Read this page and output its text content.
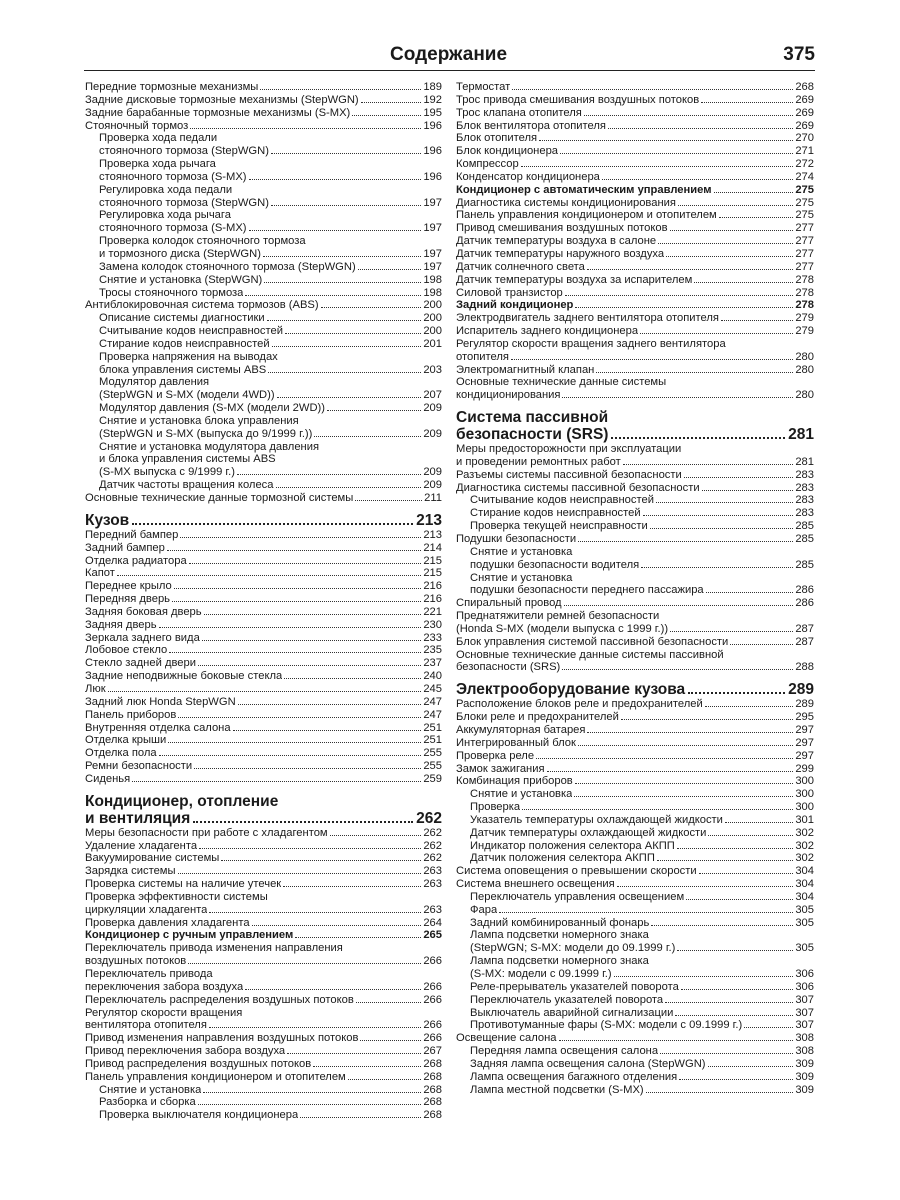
Содержание	375
Передние тормозные механизмы	189
Задние дисковые тормозные механизмы (StepWGN)	192
Задние барабанные тормозные механизмы (S-MX)	195
Стояночный тормоз	196
Проверка хода педали
стояночного тормоза (StepWGN)	196
Проверка хода рычага
стояночного тормоза (S-MX)	196
Регулировка хода педали
стояночного тормоза (StepWGN)	197
Регулировка хода рычага
стояночного тормоза (S-MX)	197
Проверка колодок стояночного тормоза
и тормозного диска (StepWGN)	197
Замена колодок стояночного тормоза (StepWGN)	197
Снятие и установка (StepWGN)	198
Тросы стояночного тормоза	198
Антиблокировочная система тормозов (ABS)	200
Описание системы диагностики	200
Считывание кодов неисправностей	200
Стирание кодов неисправностей	201
Проверка напряжения на выводах
блока управления системы ABS	203
Модулятор давления
(StepWGN и S-MX (модели 4WD))	207
Модулятор давления (S-MX (модели 2WD))	209
Снятие и установка блока управления
(StepWGN и S-MX (выпуска до 9/1999 г.))	209
Снятие и установка модулятора давления
и блока управления системы ABS
(S-MX выпуска с 9/1999 г.)	209
Датчик частоты вращения колеса	209
Основные технические данные тормозной системы	211
Кузов	213
Передний бампер	213
Задний бампер	214
Отделка радиатора	215
Капот	215
Переднее крыло	216
Передняя дверь	216
Задняя боковая дверь	221
Задняя дверь	230
Зеркала заднего вида	233
Лобовое стекло	235
Стекло задней двери	237
Задние неподвижные боковые стекла	240
Люк	245
Задний люк Honda StepWGN	247
Панель приборов	247
Внутренняя отделка салона	251
Отделка крыши	251
Отделка пола	255
Ремни безопасности	255
Сиденья	259
Кондиционер, отопление
и вентиляция	262
Меры безопасности при работе с хладагентом	262
Удаление хладагента	262
Вакуумирование системы	262
Зарядка системы	263
Проверка системы на наличие утечек	263
Проверка эффективности системы
циркуляции хладагента	263
Проверка давления хладагента	264
Кондиционер с ручным управлением	265
Переключатель привода изменения направления
воздушных потоков	266
Переключатель привода
переключения забора воздуха	266
Переключатель распределения воздушных потоков	266
Регулятор скорости вращения
вентилятора отопителя	266
Привод изменения направления воздушных потоков	266
Привод переключения забора воздуха	267
Привод распределения воздушных потоков	268
Панель управления кондиционером и отопителем	268
Снятие и установка	268
Разборка и сборка	268
Проверка выключателя кондиционера	268
Термостат	268
Трос привода смешивания воздушных потоков	269
Трос клапана отопителя	269
Блок вентилятора отопителя	269
Блок отопителя	270
Блок кондиционера	271
Компрессор	272
Конденсатор кондиционера	274
Кондиционер с автоматическим управлением	275
Диагностика системы кондиционирования	275
Панель управления кондиционером и отопителем	275
Привод смешивания воздушных потоков	277
Датчик температуры воздуха в салоне	277
Датчик температуры наружного воздуха	277
Датчик солнечного света	277
Датчик температуры воздуха за испарителем	278
Силовой транзистор	278
Задний кондиционер	278
Электродвигатель заднего вентилятора отопителя	279
Испаритель заднего кондиционера	279
Регулятор скорости вращения заднего вентилятора
отопителя	280
Электромагнитный клапан	280
Основные технические данные системы
кондиционирования	280
Система пассивной
безопасности (SRS)	281
Меры предосторожности при эксплуатации
и проведении ремонтных работ	281
Разъемы системы пассивной безопасности	283
Диагностика системы пассивной безопасности	283
Считывание кодов неисправностей	283
Стирание кодов неисправностей	283
Проверка текущей неисправности	285
Подушки безопасности	285
Снятие и установка
подушки безопасности водителя	285
Снятие и установка
подушки безопасности переднего пассажира	286
Спиральный провод	286
Преднатяжители ремней безопасности
(Honda S-MX (модели выпуска с 1999 г.))	287
Блок управления системой пассивной безопасности	287
Основные технические данные системы пассивной
безопасности (SRS)	288
Электрооборудование кузова	289
Расположение блоков реле и предохранителей	289
Блоки реле и предохранителей	295
Аккумуляторная батарея	297
Интегрированный блок	297
Проверка реле	297
Замок зажигания	299
Комбинация приборов	300
Снятие и установка	300
Проверка	300
Указатель температуры охлаждающей жидкости	301
Датчик температуры охлаждающей жидкости	302
Индикатор положения селектора АКПП	302
Датчик положения селектора АКПП	302
Система оповещения о превышении скорости	304
Система внешнего освещения	304
Переключатель управления освещением	304
Фара	305
Задний комбинированный фонарь	305
Лампа подсветки номерного знака
(StepWGN; S-MX: модели до 09.1999 г.)	305
Лампа подсветки номерного знака
(S-MX: модели с 09.1999 г.)	306
Реле-прерыватель указателей поворота	306
Переключатель указателей поворота	307
Выключатель аварийной сигнализации	307
Противотуманные фары (S-MX: модели с 09.1999 г.)	307
Освещение салона	308
Передняя лампа освещения салона	308
Задняя лампа освещения салона (StepWGN)	309
Лампа освещения багажного отделения	309
Лампа местной подсветки (S-MX)	309
